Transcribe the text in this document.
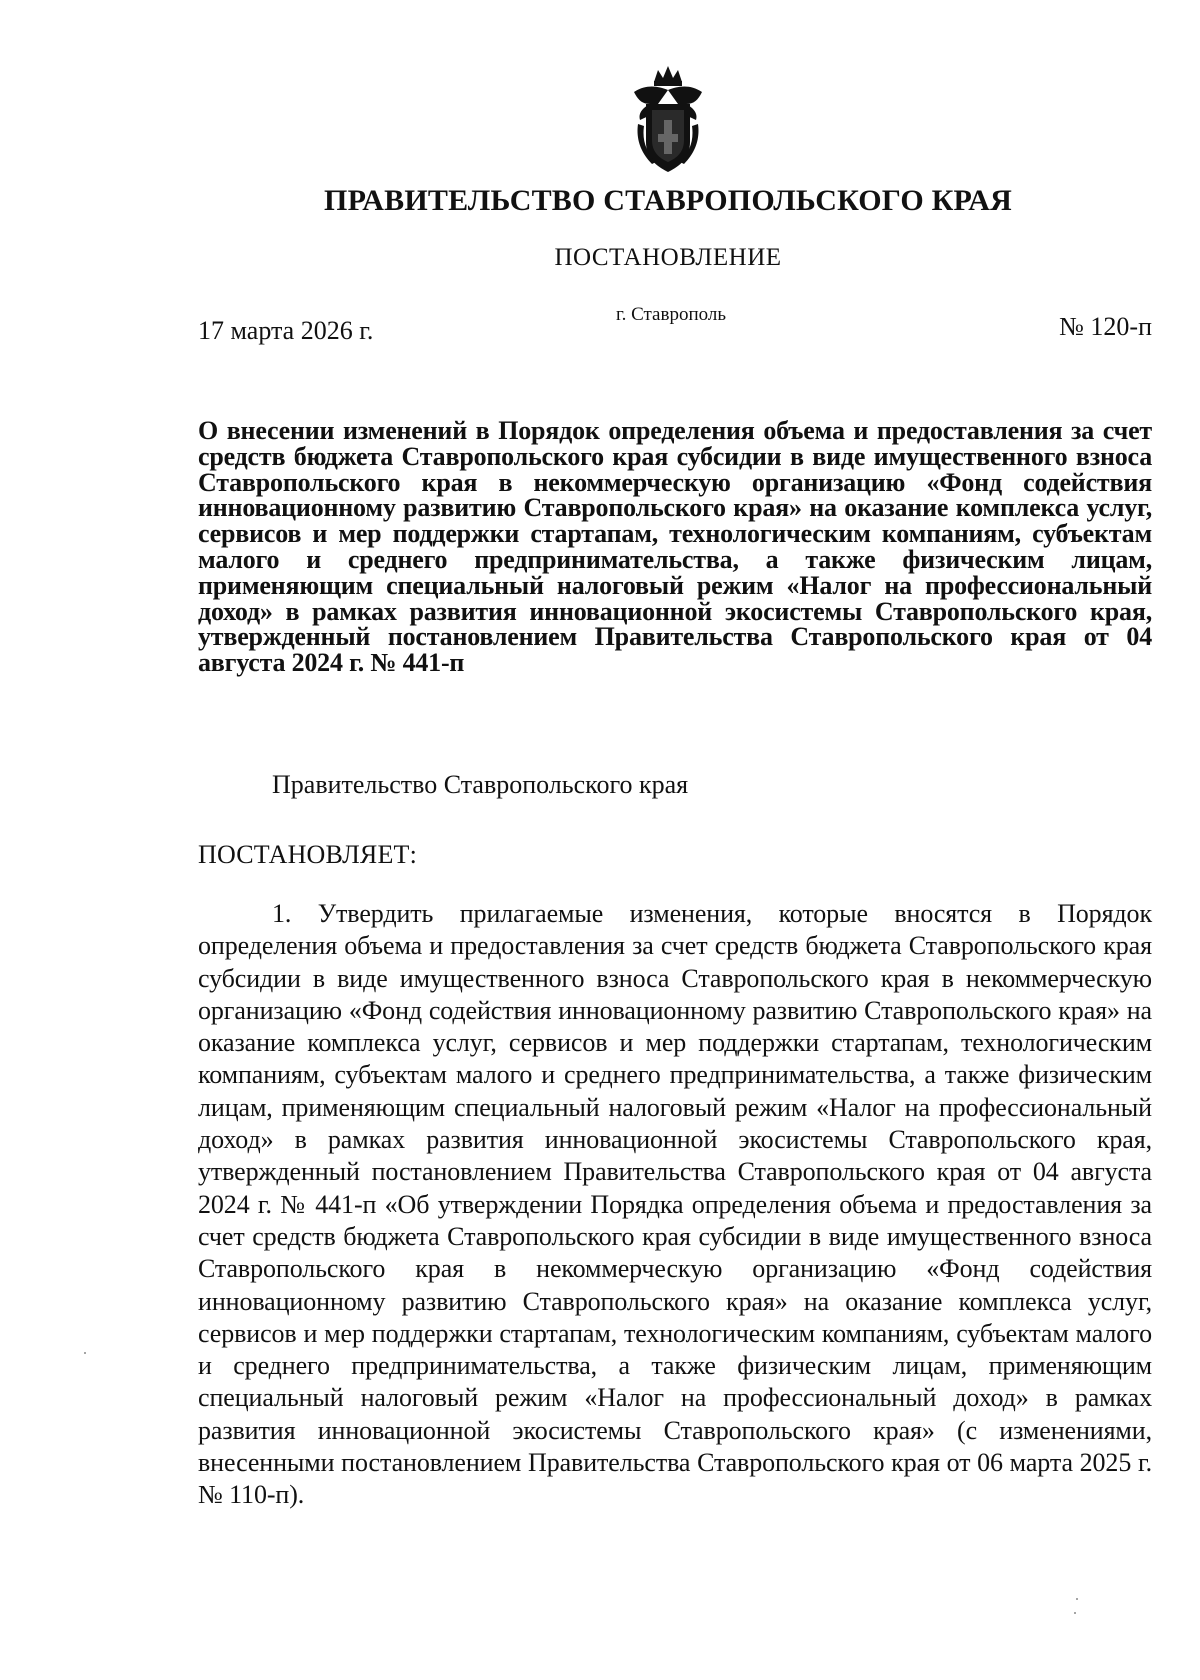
ПРАВИТЕЛЬСТВО СТАВРОПОЛЬСКОГО КРАЯ
ПОСТАНОВЛЕНИЕ
17 марта 2026 г.
г. Ставрополь	№ 120-п
О внесении изменений в Порядок определения объема и предоставления за счет средств бюджета Ставропольского края субсидии в виде имущественного взноса Ставропольского края в некоммерческую организацию «Фонд содействия инновационному развитию Ставропольского края» на оказание комплекса услуг, сервисов и мер поддержки стартапам, технологическим компаниям, субъектам малого и среднего предпринимательства, а также физическим лицам, применяющим специальный налоговый режим «Налог на профессиональный доход» в рамках развития инновационной экосистемы Ставропольского края, утвержденный постановлением Правительства Ставропольского края от 04 августа 2024 г. № 441-п
Правительство Ставропольского края
ПОСТАНОВЛЯЕТ:
1. Утвердить прилагаемые изменения, которые вносятся в Порядок определения объема и предоставления за счет средств бюджета Ставропольского края субсидии в виде имущественного взноса Ставропольского края в некоммерческую организацию «Фонд содействия инновационному развитию Ставропольского края» на оказание комплекса услуг, сервисов и мер поддержки стартапам, технологическим компаниям, субъектам малого и среднего предпринимательства, а также физическим лицам, применяющим специальный налоговый режим «Налог на профессиональный доход» в рамках развития инновационной экосистемы Ставропольского края, утвержденный постановлением Правительства Ставропольского края от 04 августа 2024 г. № 441-п «Об утверждении Порядка определения объема и предоставления за счет средств бюджета Ставропольского края субсидии в виде имущественного взноса Ставропольского края в некоммерческую организацию «Фонд содействия инновационному развитию Ставропольского края» на оказание комплекса услуг, сервисов и мер поддержки стартапам, технологическим компаниям, субъектам малого и среднего предпринимательства, а также физическим лицам, применяющим специальный налоговый режим «Налог на профессиональный доход» в рамках развития инновационной экосистемы Ставропольского края» (с изменениями, внесенными постановлением Правительства Ставропольского края от 06 марта 2025 г. № 110-п).
